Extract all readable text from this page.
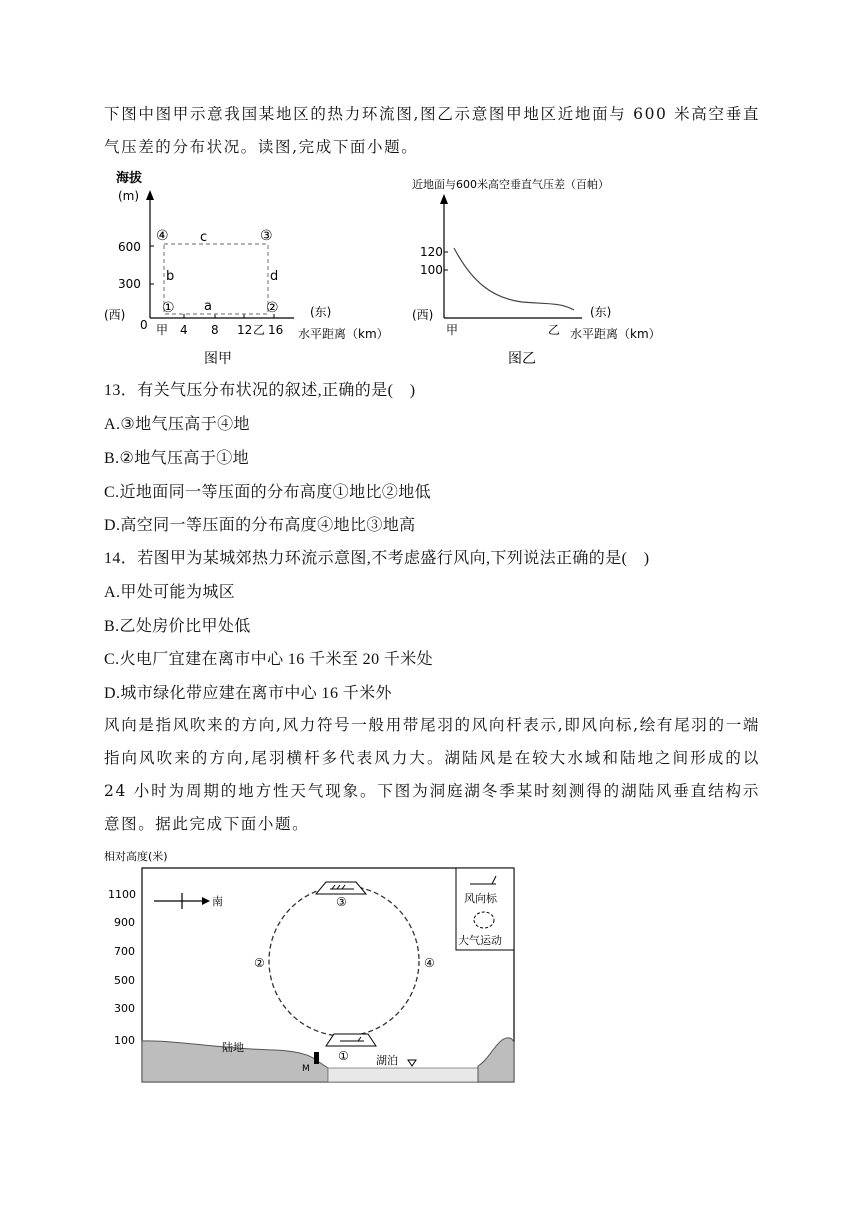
下图中图甲示意我国某地区的热力环流图,图乙示意图甲地区近地面与 600 米高空垂直气压差的分布状况。读图,完成下面小题。

海拔
(m)
600
300
0 甲 4 8 12 乙 16
(西)	(东)
水平距离（km）
④	③
①	②
c
b	d
a
图甲
近地面与600米高空垂直气压差（百帕）
120
100
(西)	(东)
甲	乙 水平距离（km）
图乙

13．有关气压分布状况的叙述,正确的是(　)

A.③地气压高于④地

B.②地气压高于①地

C.近地面同一等压面的分布高度①地比②地低

D.高空同一等压面的分布高度④地比③地高

14．若图甲为某城郊热力环流示意图,不考虑盛行风向,下列说法正确的是(　)

A.甲处可能为城区

B.乙处房价比甲处低

C.火电厂宜建在离市中心 16 千米至 20 千米处

D.城市绿化带应建在离市中心 16 千米外

风向是指风吹来的方向,风力符号一般用带尾羽的风向杆表示,即风向标,绘有尾羽的一端指向风吹来的方向,尾羽横杆多代表风力大。湖陆风是在较大水域和陆地之间形成的以 24 小时为周期的地方性天气现象。下图为洞庭湖冬季某时刻测得的湖陆风垂直结构示意图。据此完成下面小题。

相对高度(米)
1100
900
700
500
300
100
南	风向标
大气运动
③
②	④
①
陆地
湖泊
M
